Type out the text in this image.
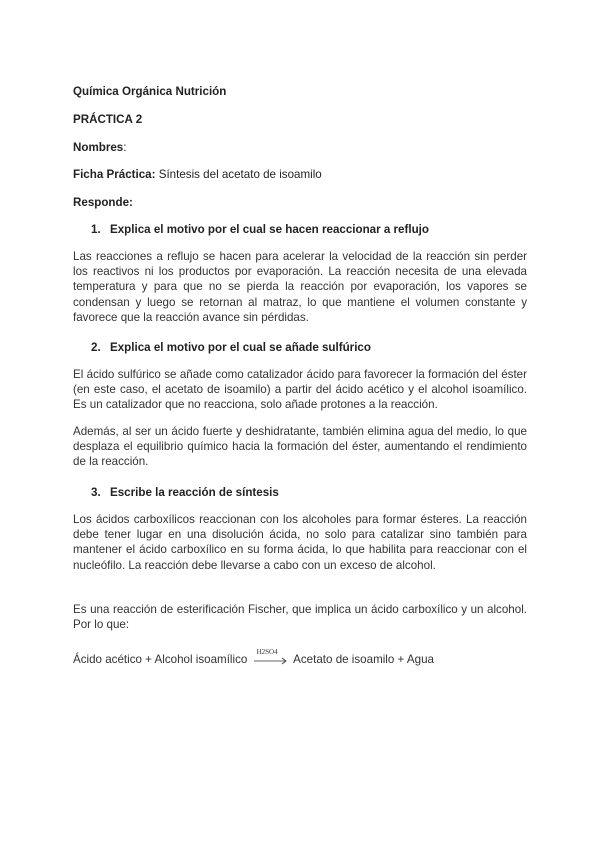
Química Orgánica Nutrición
PRÁCTICA 2
Nombres:
Ficha Práctica: Síntesis del acetato de isoamilo
Responde:
1. Explica el motivo por el cual se hacen reaccionar a reflujo
Las reacciones a reflujo se hacen para acelerar la velocidad de la reacción sin perder los reactivos ni los productos por evaporación. La reacción necesita de una elevada temperatura y para que no se pierda la reacción por evaporación, los vapores se condensan y luego se retornan al matraz, lo que mantiene el volumen constante y favorece que la reacción avance sin pérdidas.
2. Explica el motivo por el cual se añade sulfúrico
El ácido sulfúrico se añade como catalizador ácido para favorecer la formación del éster (en este caso, el acetato de isoamilo) a partir del ácido acético y el alcohol isoamílico. Es un catalizador que no reacciona, solo añade protones a la reacción.
Además, al ser un ácido fuerte y deshidratante, también elimina agua del medio, lo que desplaza el equilibrio químico hacia la formación del éster, aumentando el rendimiento de la reacción.
3. Escribe la reacción de síntesis
Los ácidos carboxílicos reaccionan con los alcoholes para formar ésteres. La reacción debe tener lugar en una disolución ácida, no solo para catalizar sino también para mantener el ácido carboxílico en su forma ácida, lo que habilita para reaccionar con el nucleófilo. La reacción debe llevarse a cabo con un exceso de alcohol.
Es una reacción de esterificación Fischer, que implica un ácido carboxílico y un alcohol. Por lo que:
Ácido acético + Alcohol isoamílico
H2SO4
Acetato de isoamilo + Agua
